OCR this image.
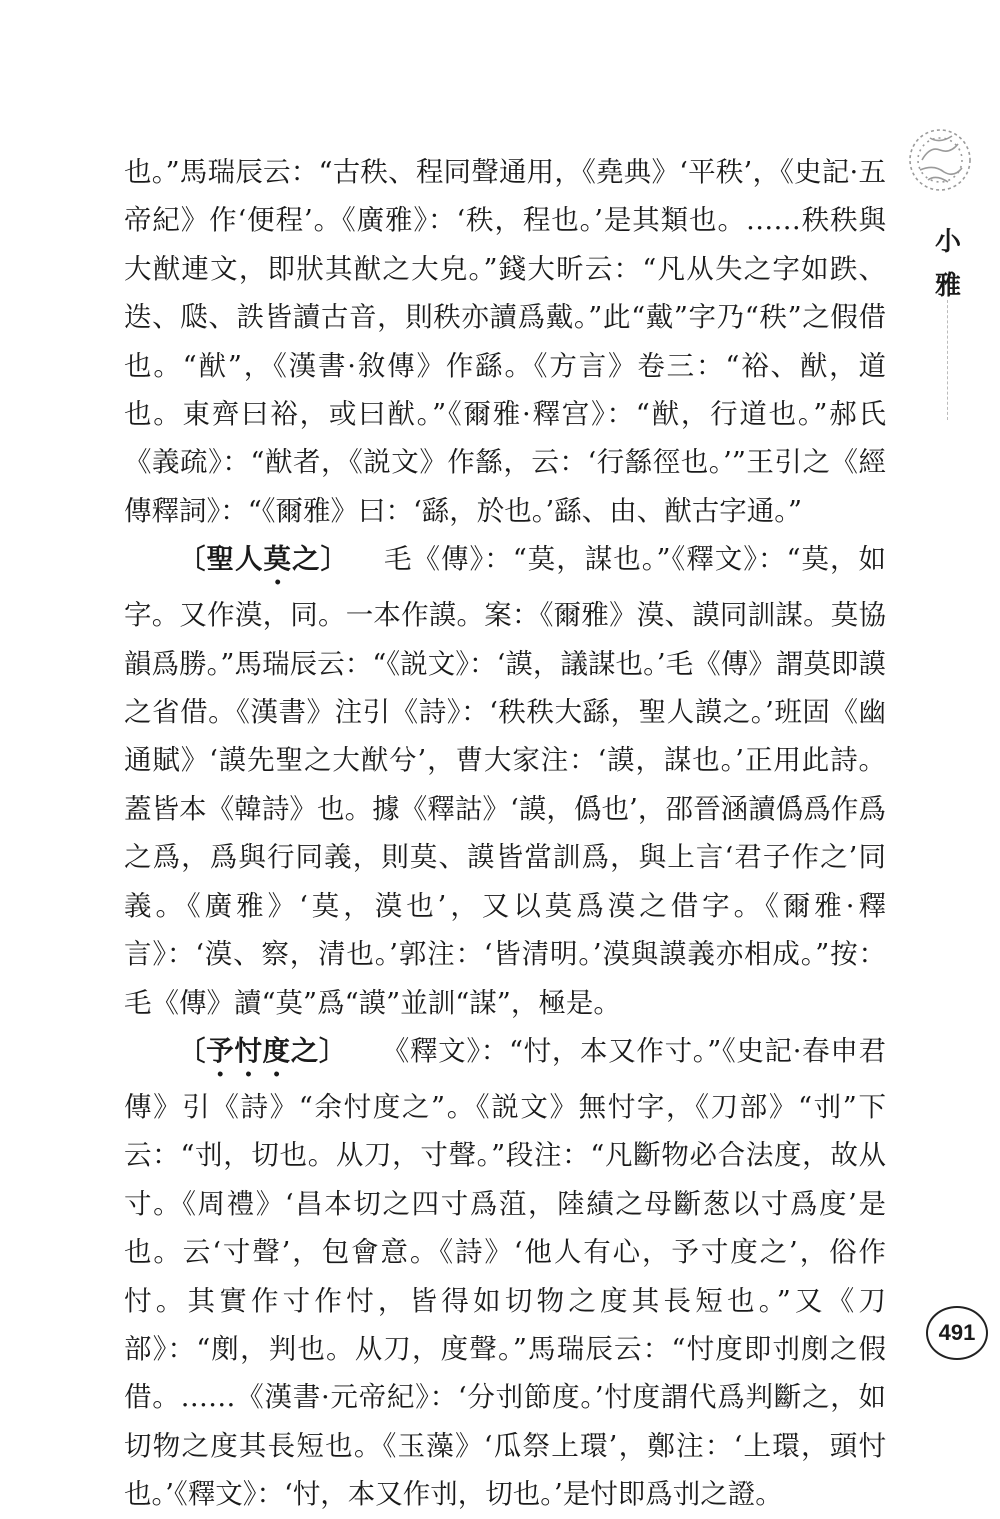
也。”馬瑞辰云：“古秩、程同聲通用，《堯典》‘平秩’，《史記·五帝紀》作‘便程’。《廣雅》：‘秩，程也。’是其類也。……秩秩與大猷連文，即狀其猷之大皃。”錢大昕云：“凡从失之字如跌、迭、瓞、詄皆讀古音，則秩亦讀爲戴。”此“戴”字乃“秩”之假借也。“猷”，《漢書·敘傳》作繇。《方言》卷三：“裕、猷，道也。東齊曰裕，或曰猷。”《爾雅·釋宫》：“猷，行道也。”郝氏《義疏》：“猷者，《説文》作䌛，云：‘行䌛徑也。’”王引之《經傳釋詞》：“《爾雅》曰：‘繇，於也。’繇、由、猷古字通。”

〔聖人莫之〕 毛《傳》：“莫，謀也。”《釋文》：“莫，如字。又作漠，同。一本作謨。案：《爾雅》漠、謨同訓謀。莫協韻爲勝。”馬瑞辰云：“《説文》：‘謨，議謀也。’毛《傳》謂莫即謨之省借。《漢書》注引《詩》：‘秩秩大繇，聖人謨之。’班固《幽通賦》‘謨先聖之大猷兮’，曹大家注：‘謨，謀也。’正用此詩。蓋皆本《韓詩》也。據《釋詁》‘謨，僞也’，邵晉涵讀僞爲作爲之爲，爲與行同義，則莫、謨皆當訓爲，與上言‘君子作之’同義。《廣雅》‘莫，漠也’，又以莫爲漠之借字。《爾雅·釋言》：‘漠、察，清也。’郭注：‘皆清明。’漠與謨義亦相成。”按：毛《傳》讀“莫”爲“謨”並訓“謀”，極是。

〔予忖度之〕 《釋文》：“忖，本又作寸。”《史記·春申君傳》引《詩》“余忖度之”。《説文》無忖字，《刀部》“刌”下云：“刌，切也。从刀，寸聲。”段注：“凡斷物必合法度，故从寸。《周禮》‘昌本切之四寸爲菹，陸績之母斷葱以寸爲度’是也。云‘寸聲’，包會意。《詩》‘他人有心，予寸度之’，俗作忖。其實作寸作忖，皆得如切物之度其長短也。”又《刀部》：“剫，判也。从刀，度聲。”馬瑞辰云：“忖度即刌剫之假借。……《漢書·元帝紀》：‘分刌節度。’忖度謂代爲判斷之，如切物之度其長短也。《玉藻》‘瓜祭上環’，鄭注：‘上環，頭忖也。’《釋文》：‘忖，本又作刌，切也。’是忖即爲刌之證。

小雅
491
